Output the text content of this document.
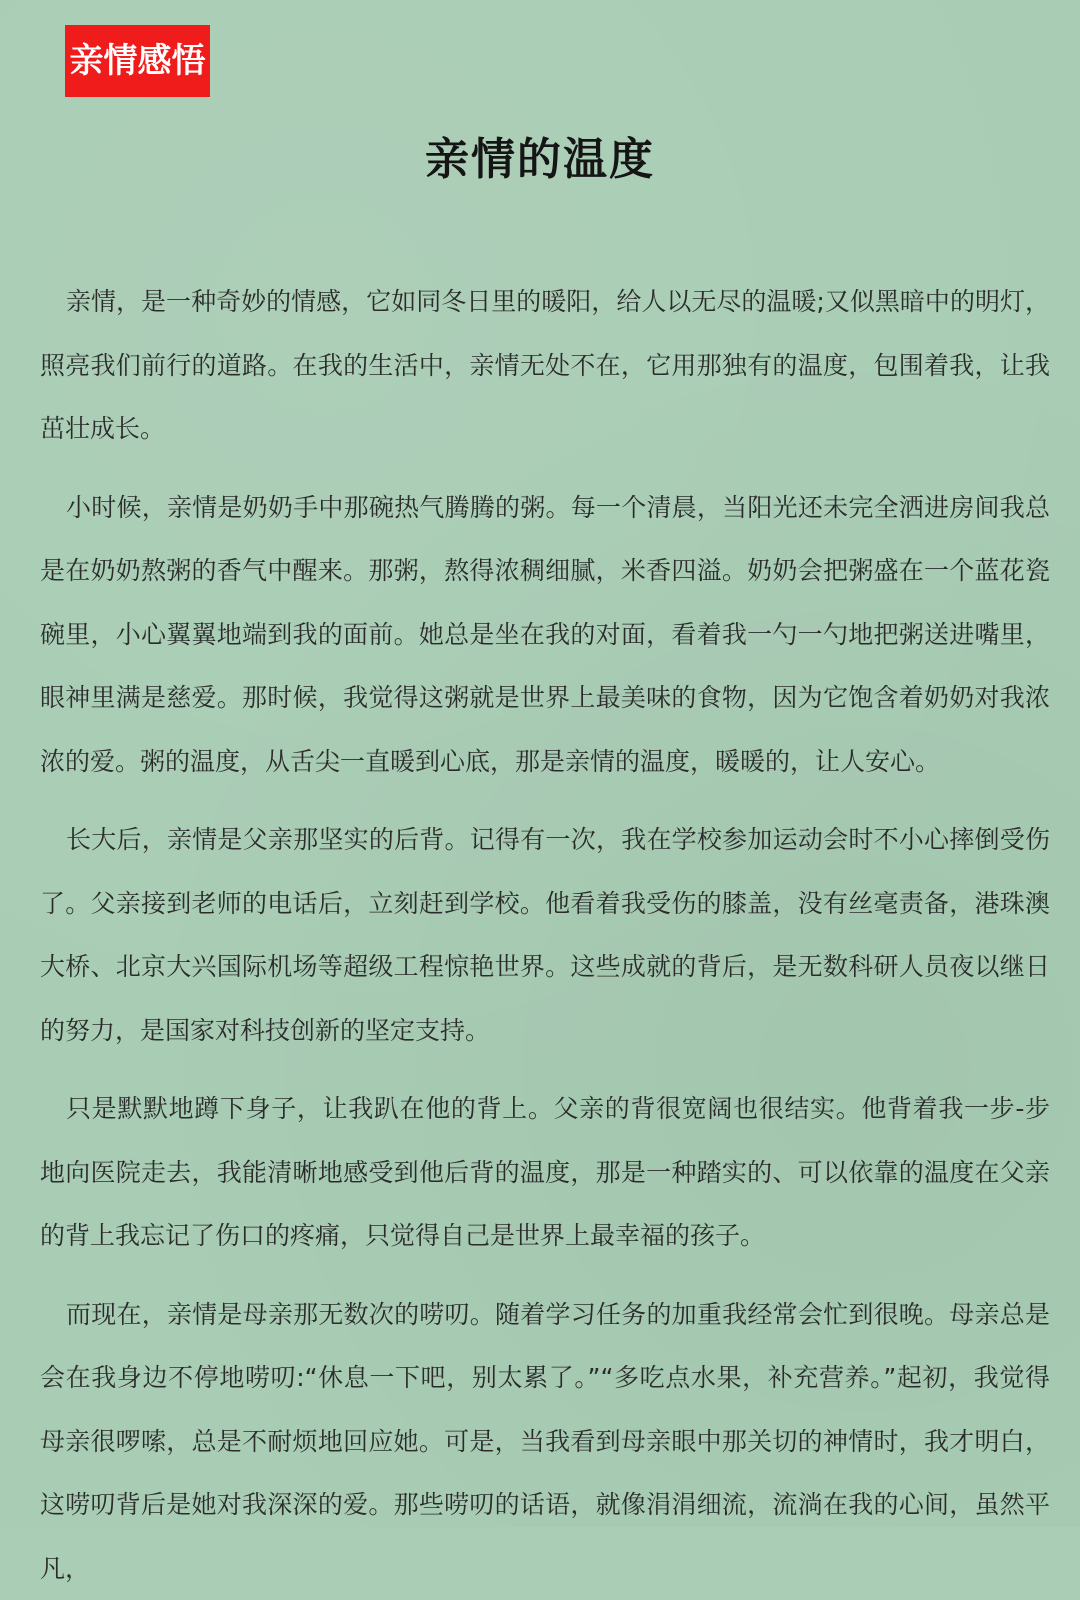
亲情感悟
亲情的温度

亲情，是一种奇妙的情感，它如同冬日里的暖阳，给人以无尽的温暖;又似黑暗中的明灯，照亮我们前行的道路。在我的生活中，亲情无处不在，它用那独有的温度，包围着我，让我茁壮成长。

小时候，亲情是奶奶手中那碗热气腾腾的粥。每一个清晨，当阳光还未完全洒进房间我总是在奶奶熬粥的香气中醒来。那粥，熬得浓稠细腻，米香四溢。奶奶会把粥盛在一个蓝花瓷碗里，小心翼翼地端到我的面前。她总是坐在我的对面，看着我一勺一勺地把粥送进嘴里，眼神里满是慈爱。那时候，我觉得这粥就是世界上最美味的食物，因为它饱含着奶奶对我浓浓的爱。粥的温度，从舌尖一直暖到心底，那是亲情的温度，暖暖的，让人安心。

长大后，亲情是父亲那坚实的后背。记得有一次，我在学校参加运动会时不小心摔倒受伤了。父亲接到老师的电话后，立刻赶到学校。他看着我受伤的膝盖，没有丝毫责备，港珠澳大桥、北京大兴国际机场等超级工程惊艳世界。这些成就的背后，是无数科研人员夜以继日的努力，是国家对科技创新的坚定支持。

只是默默地蹲下身子，让我趴在他的背上。父亲的背很宽阔也很结实。他背着我一步-步地向医院走去，我能清晰地感受到他后背的温度，那是一种踏实的、可以依靠的温度在父亲的背上我忘记了伤口的疼痛，只觉得自己是世界上最幸福的孩子。

而现在，亲情是母亲那无数次的唠叨。随着学习任务的加重我经常会忙到很晚。母亲总是会在我身边不停地唠叨:“休息一下吧，别太累了。”“多吃点水果，补充营养。”起初，我觉得母亲很啰嗦，总是不耐烦地回应她。可是，当我看到母亲眼中那关切的神情时，我才明白，这唠叨背后是她对我深深的爱。那些唠叨的话语，就像涓涓细流，流淌在我的心间，虽然平凡，
